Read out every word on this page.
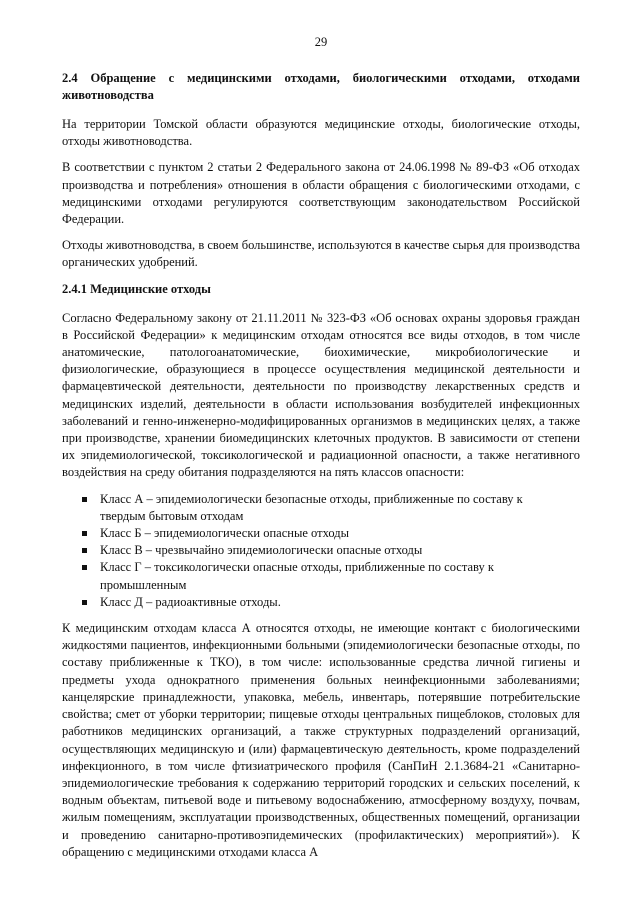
29
2.4 Обращение с медицинскими отходами, биологическими отходами, отходами животноводства

На территории Томской области образуются медицинские отходы, биологические отходы, отходы животноводства.

В соответствии с пунктом 2 статьи 2 Федерального закона от 24.06.1998 № 89-ФЗ «Об отходах производства и потребления» отношения в области обращения с биологическими отходами, с медицинскими отходами регулируются соответствующим законодательством Российской Федерации.

Отходы животноводства, в своем большинстве, используются в качестве сырья для производства органических удобрений.

2.4.1 Медицинские отходы

Согласно Федеральному закону от 21.11.2011 № 323-ФЗ «Об основах охраны здоровья граждан в Российской Федерации» к медицинским отходам относятся все виды отходов, в том числе анатомические, патологоанатомические, биохимические, микробиологические и физиологические, образующиеся в процессе осуществления медицинской деятельности и фармацевтической деятельности, деятельности по производству лекарственных средств и медицинских изделий, деятельности в области использования возбудителей инфекционных заболеваний и генно-инженерно-модифицированных организмов в медицинских целях, а также при производстве, хранении биомедицинских клеточных продуктов. В зависимости от степени их эпидемиологической, токсикологической и радиационной опасности, а также негативного воздействия на среду обитания подразделяются на пять классов опасности:

Класс А – эпидемиологически безопасные отходы, приближенные по составу к твердым бытовым отходам
Класс Б – эпидемиологически опасные отходы
Класс В – чрезвычайно эпидемиологически опасные отходы
Класс Г – токсикологически опасные отходы, приближенные по составу к промышленным
Класс Д – радиоактивные отходы.

К медицинским отходам класса А относятся отходы, не имеющие контакт с биологическими жидкостями пациентов, инфекционными больными (эпидемиологически безопасные отходы, по составу приближенные к ТКО), в том числе: использованные средства личной гигиены и предметы ухода однократного применения больных неинфекционными заболеваниями; канцелярские принадлежности, упаковка, мебель, инвентарь, потерявшие потребительские свойства; смет от уборки территории; пищевые отходы центральных пищеблоков, столовых для работников медицинских организаций, а также структурных подразделений организаций, осуществляющих медицинскую и (или) фармацевтическую деятельность, кроме подразделений инфекционного, в том числе фтизиатрического профиля (СанПиН 2.1.3684-21 «Санитарно-эпидемиологические требования к содержанию территорий городских и сельских поселений, к водным объектам, питьевой воде и питьевому водоснабжению, атмосферному воздуху, почвам, жилым помещениям, эксплуатации производственных, общественных помещений, организации и проведению санитарно-противоэпидемических (профилактических) мероприятий»). К обращению с медицинскими отходами класса А
